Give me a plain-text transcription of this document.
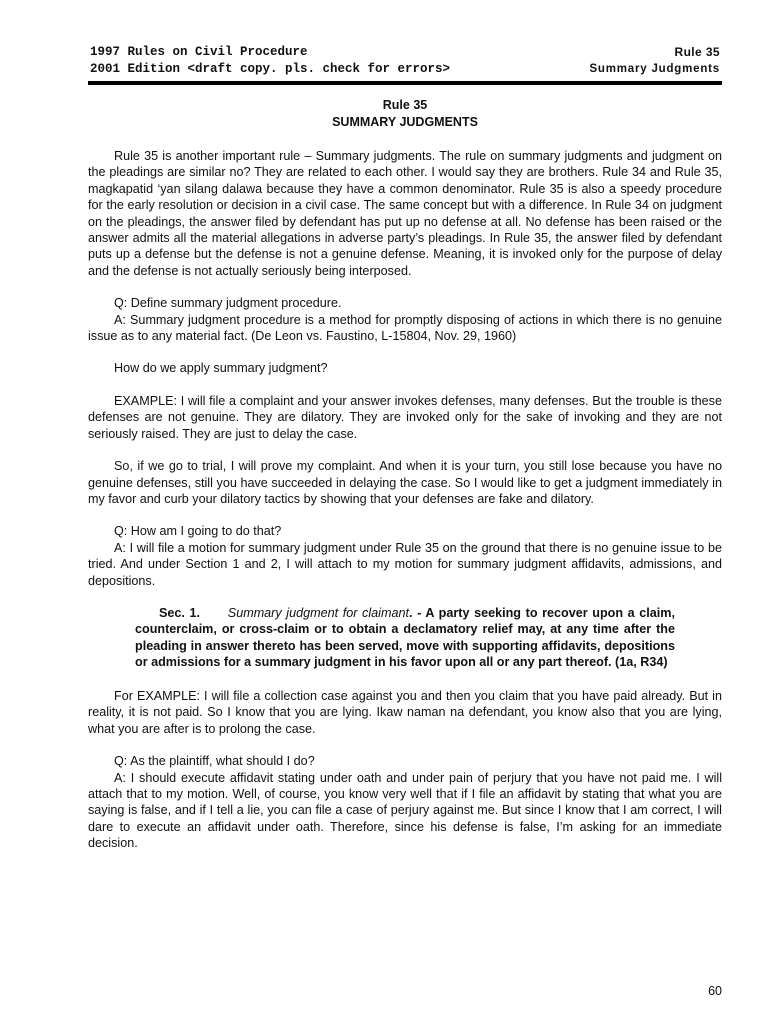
1997 Rules on Civil Procedure
2001 Edition <draft copy. pls. check for errors>
Rule 35
Summary Judgments
Rule 35
SUMMARY JUDGMENTS

Rule 35 is another important rule – Summary judgments. The rule on summary judgments and judgment on the pleadings are similar no? They are related to each other. I would say they are brothers. Rule 34 and Rule 35, magkapatid ‘yan silang dalawa because they have a common denominator. Rule 35 is also a speedy procedure for the early resolution or decision in a civil case. The same concept but with a difference. In Rule 34 on judgment on the pleadings, the answer filed by defendant has put up no defense at all. No defense has been raised or the answer admits all the material allegations in adverse party’s pleadings. In Rule 35, the answer filed by defendant puts up a defense but the defense is not a genuine defense. Meaning, it is invoked only for the purpose of delay and the defense is not actually seriously being interposed.

Q: Define summary judgment procedure.

A: Summary judgment procedure is a method for promptly disposing of actions in which there is no genuine issue as to any material fact. (De Leon vs. Faustino, L-15804, Nov. 29, 1960)

How do we apply summary judgment?

EXAMPLE: I will file a complaint and your answer invokes defenses, many defenses. But the trouble is these defenses are not genuine. They are dilatory. They are invoked only for the sake of invoking and they are not seriously raised. They are just to delay the case.

So, if we go to trial, I will prove my complaint. And when it is your turn, you still lose because you have no genuine defenses, still you have succeeded in delaying the case. So I would like to get a judgment immediately in my favor and curb your dilatory tactics by showing that your defenses are fake and dilatory.

Q: How am I going to do that?

A: I will file a motion for summary judgment under Rule 35 on the ground that there is no genuine issue to be tried. And under Section 1 and 2, I will attach to my motion for summary judgment affidavits, admissions, and depositions.

Sec. 1. Summary judgment for claimant. - A party seeking to recover upon a claim, counterclaim, or cross-claim or to obtain a declamatory relief may, at any time after the pleading in answer thereto has been served, move with supporting affidavits, depositions or admissions for a summary judgment in his favor upon all or any part thereof. (1a, R34)

For EXAMPLE: I will file a collection case against you and then you claim that you have paid already. But in reality, it is not paid. So I know that you are lying. Ikaw naman na defendant, you know also that you are lying, what you are after is to prolong the case.

Q: As the plaintiff, what should I do?

A: I should execute affidavit stating under oath and under pain of perjury that you have not paid me. I will attach that to my motion. Well, of course, you know very well that if I file an affidavit by stating that what you are saying is false, and if I tell a lie, you can file a case of perjury against me. But since I know that I am correct, I will dare to execute an affidavit under oath. Therefore, since his defense is false, I’m asking for an immediate decision.

60
